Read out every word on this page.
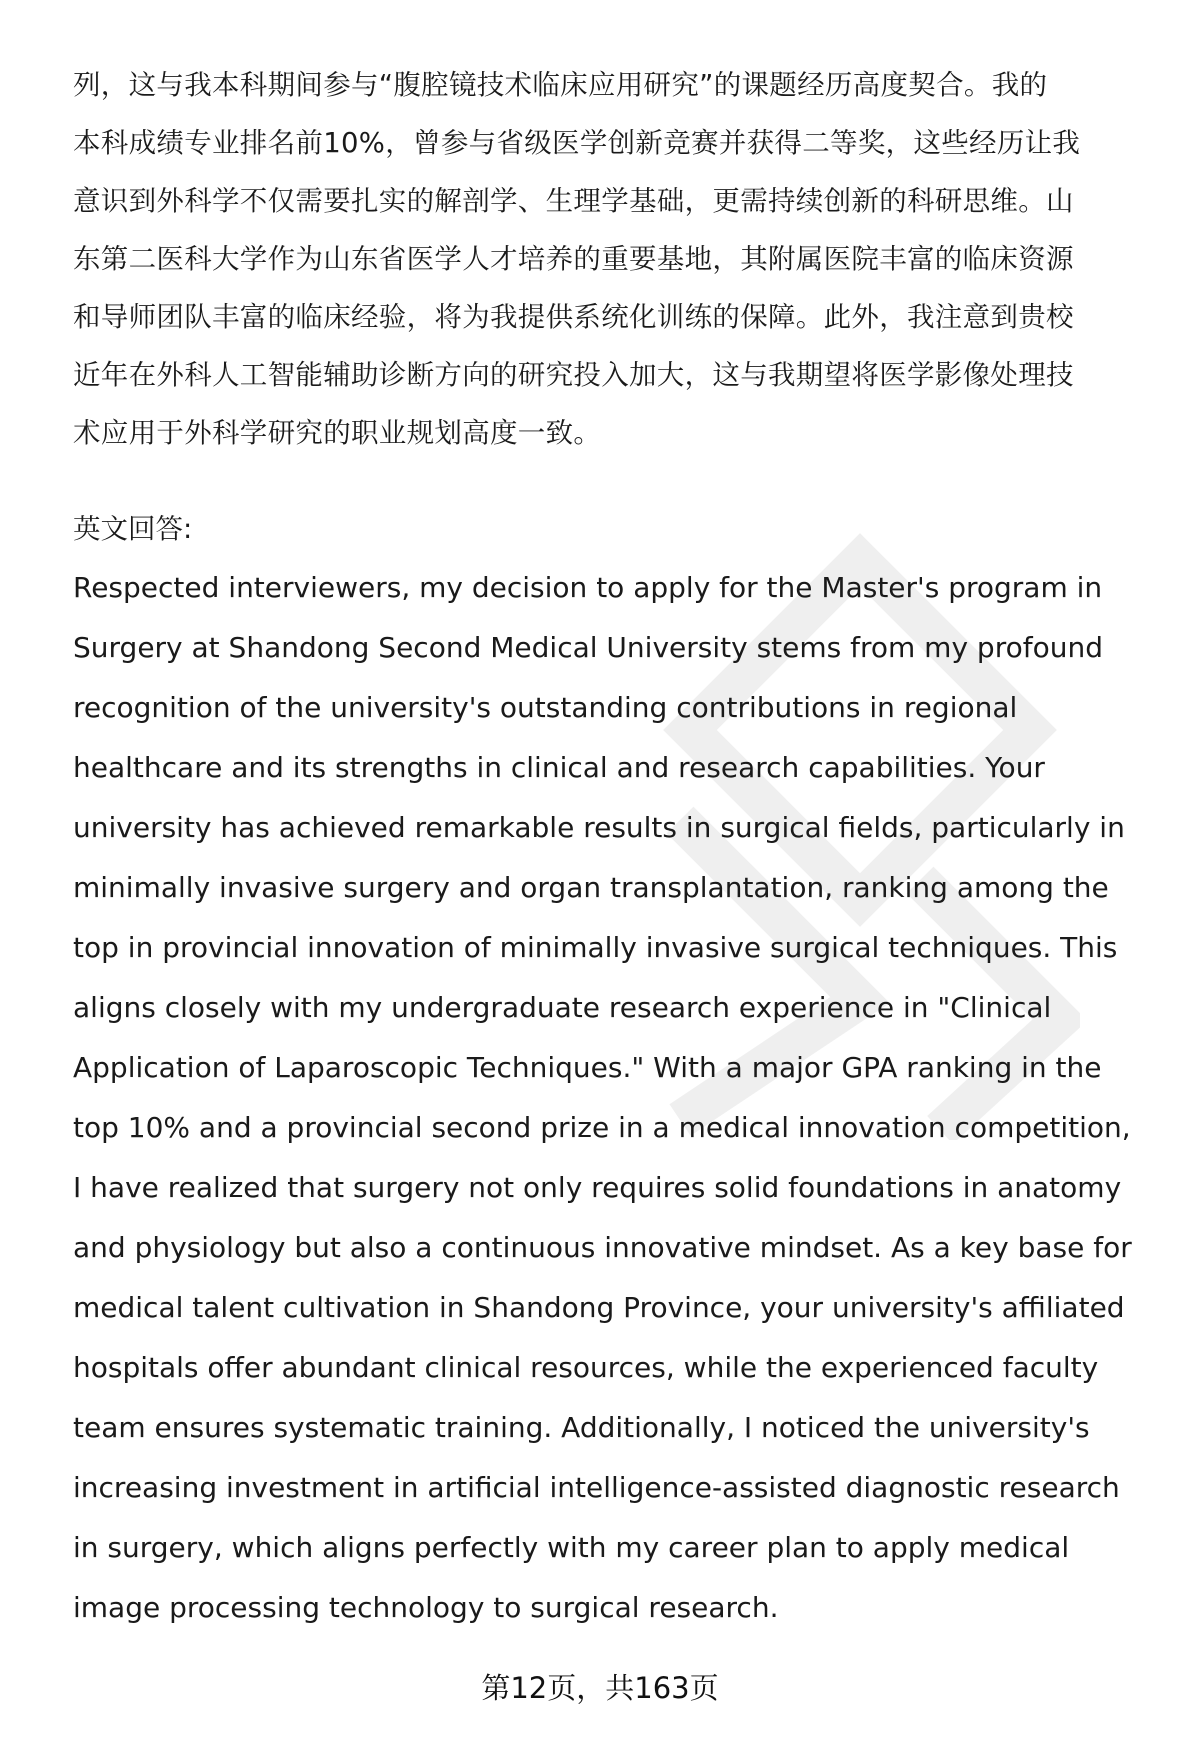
列，这与我本科期间参与“腹腔镜技术临床应用研究”的课题经历高度契合。我的
本科成绩专业排名前10%，曾参与省级医学创新竞赛并获得二等奖，这些经历让我
意识到外科学不仅需要扎实的解剖学、生理学基础，更需持续创新的科研思维。山
东第二医科大学作为山东省医学人才培养的重要基地，其附属医院丰富的临床资源
和导师团队丰富的临床经验，将为我提供系统化训练的保障。此外，我注意到贵校
近年在外科人工智能辅助诊断方向的研究投入加大，这与我期望将医学影像处理技
术应用于外科学研究的职业规划高度一致。

英文回答:

Respected interviewers, my decision to apply for the Master's program in
Surgery at Shandong Second Medical University stems from my profound
recognition of the university's outstanding contributions in regional
healthcare and its strengths in clinical and research capabilities. Your
university has achieved remarkable results in surgical fields, particularly in
minimally invasive surgery and organ transplantation, ranking among the
top in provincial innovation of minimally invasive surgical techniques. This
aligns closely with my undergraduate research experience in "Clinical
Application of Laparoscopic Techniques." With a major GPA ranking in the
top 10% and a provincial second prize in a medical innovation competition,
I have realized that surgery not only requires solid foundations in anatomy
and physiology but also a continuous innovative mindset. As a key base for
medical talent cultivation in Shandong Province, your university's affiliated
hospitals offer abundant clinical resources, while the experienced faculty
team ensures systematic training. Additionally, I noticed the university's
increasing investment in artificial intelligence-assisted diagnostic research
in surgery, which aligns perfectly with my career plan to apply medical
image processing technology to surgical research.

第12页，共163页
